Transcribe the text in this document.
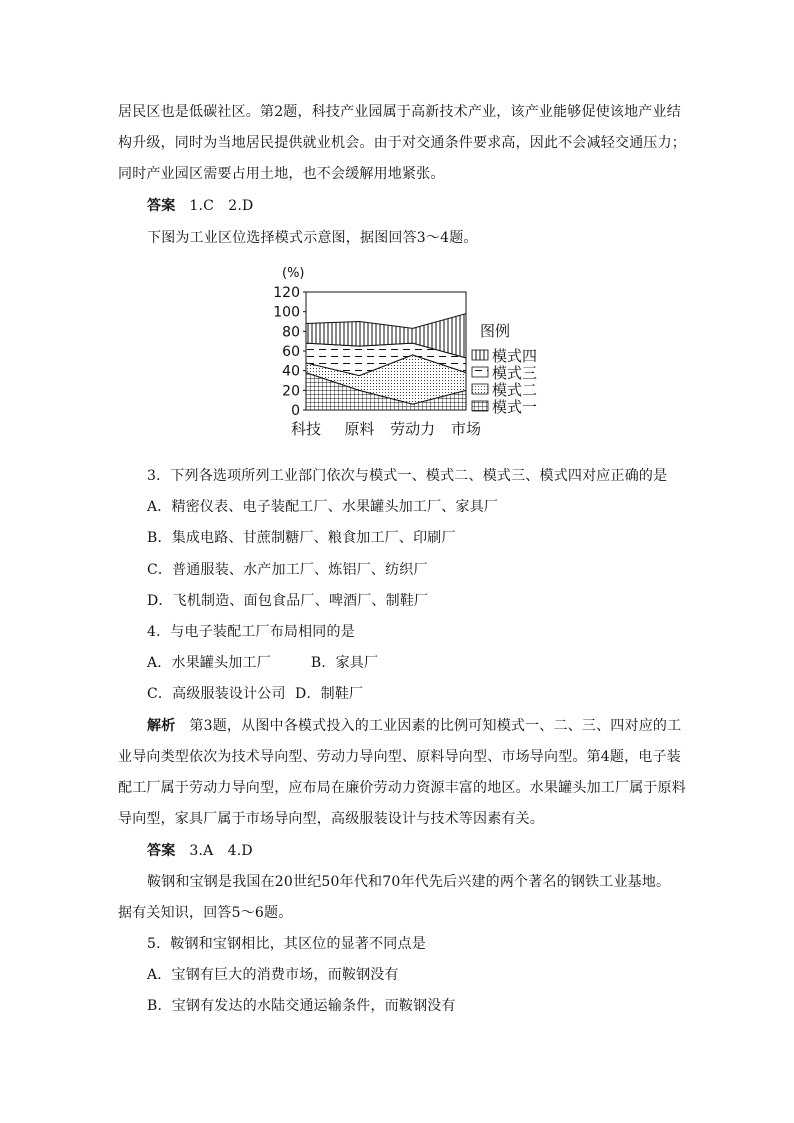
居民区也是低碳社区。第2题，科技产业园属于高新技术产业，该产业能够促使该地产业结
构升级，同时为当地居民提供就业机会。由于对交通条件要求高，因此不会减轻交通压力；
同时产业园区需要占用土地，也不会缓解用地紧张。
答案 1.C　2.D
下图为工业区位选择模式示意图，据图回答3～4题。
0
20
40
60
80
100
120
科技 原料 劳动力 市场
(%)
图例
模式四
模式三
模式二
模式一
3．下列各选项所列工业部门依次与模式一、模式二、模式三、模式四对应正确的是
A．精密仪表、电子装配工厂、水果罐头加工厂、家具厂
B．集成电路、甘蔗制糖厂、粮食加工厂、印刷厂
C．普通服装、水产加工厂、炼铝厂、纺织厂
D．飞机制造、面包食品厂、啤酒厂、制鞋厂
4．与电子装配工厂布局相同的是
A．水果罐头加工厂	B．家具厂
C．高级服装设计公司 D．制鞋厂
解析 第3题，从图中各模式投入的工业因素的比例可知模式一、二、三、四对应的工
业导向类型依次为技术导向型、劳动力导向型、原料导向型、市场导向型。第4题，电子装
配工厂属于劳动力导向型，应布局在廉价劳动力资源丰富的地区。水果罐头加工厂属于原料
导向型，家具厂属于市场导向型，高级服装设计与技术等因素有关。
答案 3.A　4.D
鞍钢和宝钢是我国在20世纪50年代和70年代先后兴建的两个著名的钢铁工业基地。
据有关知识，回答5～6题。
5．鞍钢和宝钢相比，其区位的显著不同点是
A．宝钢有巨大的消费市场，而鞍钢没有
B．宝钢有发达的水陆交通运输条件，而鞍钢没有
